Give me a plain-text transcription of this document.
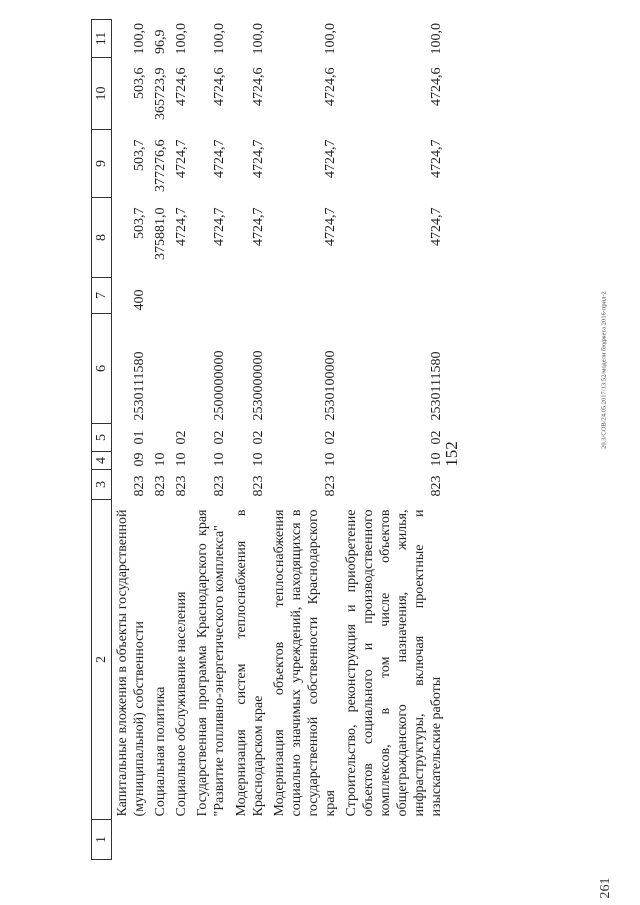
152
20.3/СОВ/24.05.2017/13:52/модели бюджета 2016-прил-2
261
1	2	3	4	5	6	7	8	9	10	11
	Капитальные вложения в объекты государственной (муниципальной) собственности	823	09	01	2530111580	400	503,7	503,7	503,6	100,0
	Социальная политика	823	10				375881,0	377276,6	365723,9	96,9
	Социальное обслуживание населения	823	10	02			4724,7	4724,7	4724,6	100,0
	Государственная программа Краснодарского края "Развитие топливно-энергетического комплекса"	823	10	02	2500000000		4724,7	4724,7	4724,6	100,0
	Модернизация систем теплоснабжения в Краснодарском крае	823	10	02	2530000000		4724,7	4724,7	4724,6	100,0
	Модернизация объектов теплоснабжения социально значимых учреждений, находящихся в государственной собственности Краснодарского края	823	10	02	2530100000		4724,7	4724,7	4724,6	100,0
	Строительство, реконструкция и приобретение объектов социального и производственного комплексов, в том числе объектов общегражданского назначения, жилья, инфраструктуры, включая проектные и изыскательские работы	823	10	02	2530111580		4724,7	4724,7	4724,6	100,0
